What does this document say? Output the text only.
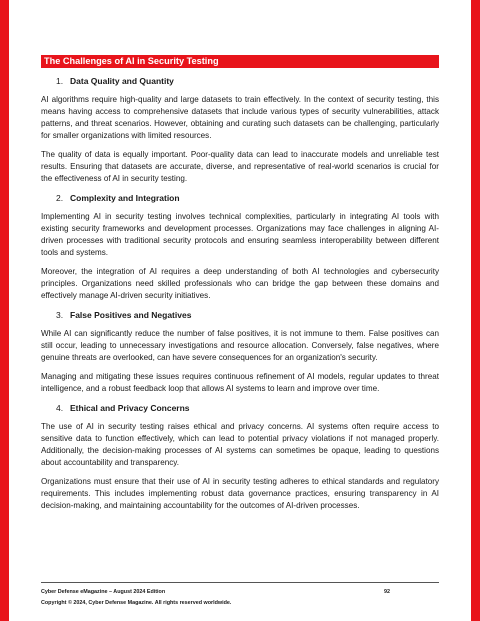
The Challenges of AI in Security Testing
1. Data Quality and Quantity

AI algorithms require high-quality and large datasets to train effectively. In the context of security testing, this means having access to comprehensive datasets that include various types of security vulnerabilities, attack patterns, and threat scenarios. However, obtaining and curating such datasets can be challenging, particularly for smaller organizations with limited resources.

The quality of data is equally important. Poor-quality data can lead to inaccurate models and unreliable test results. Ensuring that datasets are accurate, diverse, and representative of real-world scenarios is crucial for the effectiveness of AI in security testing.

2. Complexity and Integration

Implementing AI in security testing involves technical complexities, particularly in integrating AI tools with existing security frameworks and development processes. Organizations may face challenges in aligning AI-driven processes with traditional security protocols and ensuring seamless interoperability between different tools and systems.

Moreover, the integration of AI requires a deep understanding of both AI technologies and cybersecurity principles. Organizations need skilled professionals who can bridge the gap between these domains and effectively manage AI-driven security initiatives.

3. False Positives and Negatives

While AI can significantly reduce the number of false positives, it is not immune to them. False positives can still occur, leading to unnecessary investigations and resource allocation. Conversely, false negatives, where genuine threats are overlooked, can have severe consequences for an organization's security.

Managing and mitigating these issues requires continuous refinement of AI models, regular updates to threat intelligence, and a robust feedback loop that allows AI systems to learn and improve over time.

4. Ethical and Privacy Concerns

The use of AI in security testing raises ethical and privacy concerns. AI systems often require access to sensitive data to function effectively, which can lead to potential privacy violations if not managed properly. Additionally, the decision-making processes of AI systems can sometimes be opaque, leading to questions about accountability and transparency.

Organizations must ensure that their use of AI in security testing adheres to ethical standards and regulatory requirements. This includes implementing robust data governance practices, ensuring transparency in AI decision-making, and maintaining accountability for the outcomes of AI-driven processes.

Cyber Defense eMagazine – August 2024 Edition	92
Copyright © 2024, Cyber Defense Magazine. All rights reserved worldwide.
